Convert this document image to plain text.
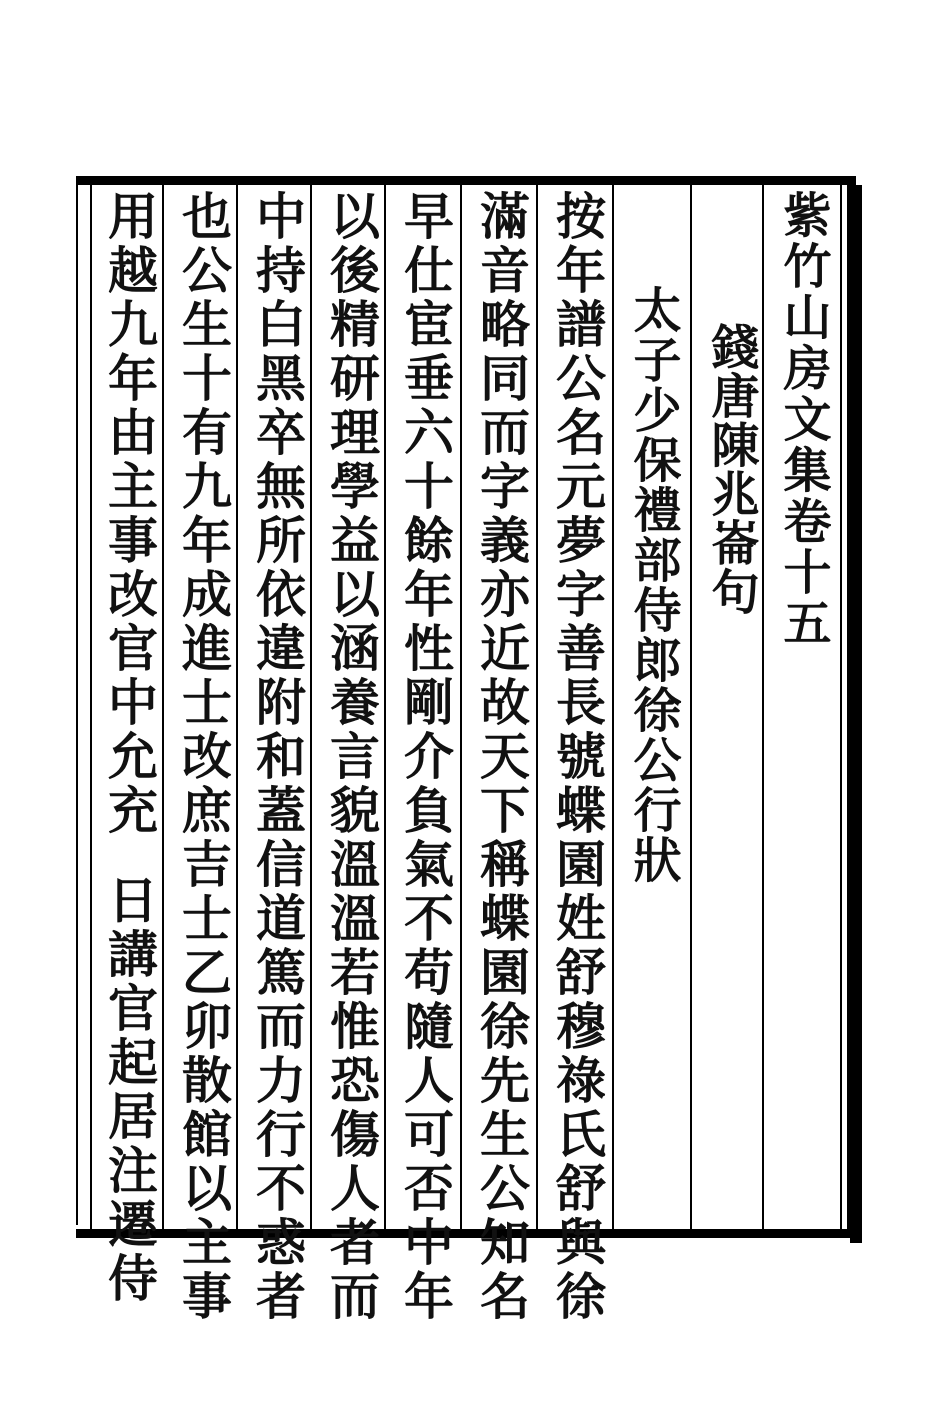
紫竹山房文集卷十五
錢唐陳兆崙句
太子少保禮部侍郎徐公行狀
按年譜公名元夢字善長號蝶園姓舒穆祿氏舒與徐
滿音略同而字義亦近故天下稱蝶園徐先生公知名
早仕宦垂六十餘年性剛介負氣不苟隨人可否中年
以後精研理學益以涵養言貌溫溫若惟恐傷人者而
中持白黑卒無所依違附和蓋信道篤而力行不惑者
也公生十有九年成進士改庶吉士乙卯散館以主事
用越九年由主事改官中允充
日講官起居注遷侍
